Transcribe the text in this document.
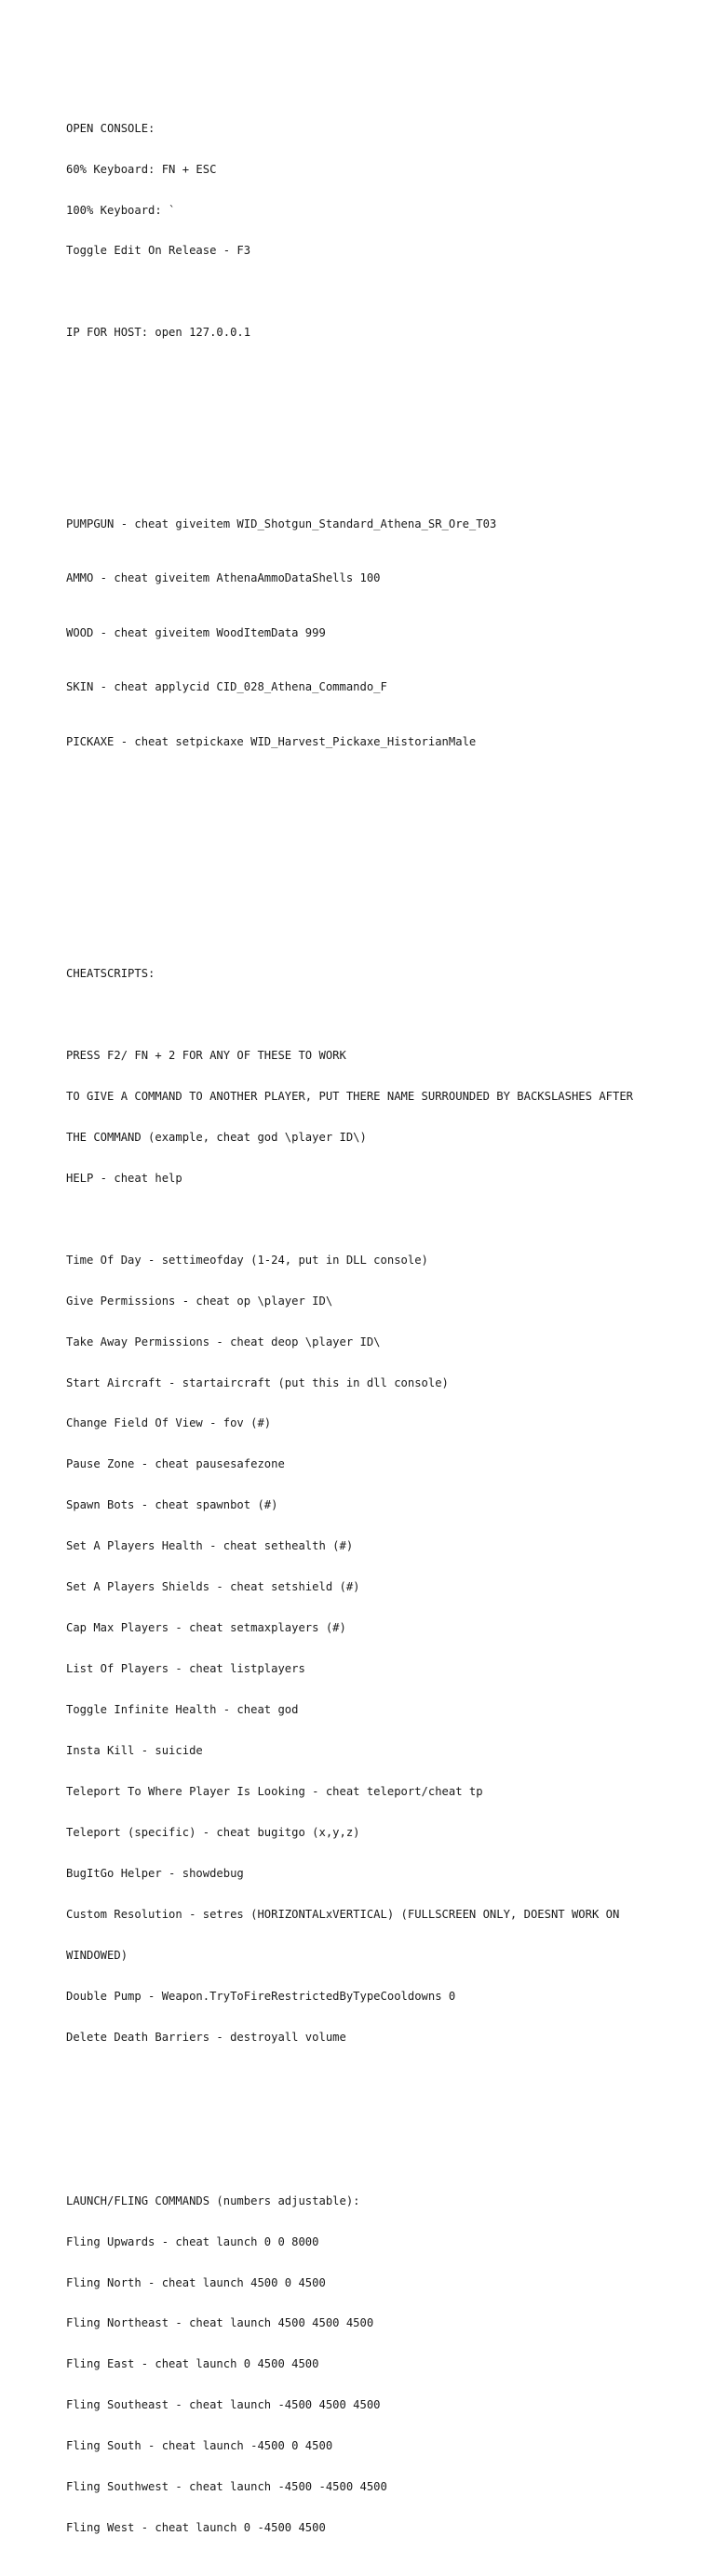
OPEN CONSOLE:

60% Keyboard: FN + ESC

100% Keyboard: `

Toggle Edit On Release - F3

IP FOR HOST: open 127.0.0.1

PUMPGUN - cheat giveitem WID_Shotgun_Standard_Athena_SR_Ore_T03

AMMO - cheat giveitem AthenaAmmoDataShells 100

WOOD - cheat giveitem WoodItemData 999

SKIN - cheat applycid CID_028_Athena_Commando_F

PICKAXE - cheat setpickaxe WID_Harvest_Pickaxe_HistorianMale

CHEATSCRIPTS:

PRESS F2/ FN + 2 FOR ANY OF THESE TO WORK

TO GIVE A COMMAND TO ANOTHER PLAYER, PUT THERE NAME SURROUNDED BY BACKSLASHES AFTER

THE COMMAND (example, cheat god \player ID\)

HELP - cheat help

Time Of Day - settimeofday (1-24, put in DLL console)

Give Permissions - cheat op \player ID\

Take Away Permissions - cheat deop \player ID\

Start Aircraft - startaircraft (put this in dll console)

Change Field Of View - fov (#)

Pause Zone - cheat pausesafezone

Spawn Bots - cheat spawnbot (#)

Set A Players Health - cheat sethealth (#)

Set A Players Shields - cheat setshield (#)

Cap Max Players - cheat setmaxplayers (#)

List Of Players - cheat listplayers

Toggle Infinite Health - cheat god

Insta Kill - suicide

Teleport To Where Player Is Looking - cheat teleport/cheat tp

Teleport (specific) - cheat bugitgo (x,y,z)

BugItGo Helper - showdebug

Custom Resolution - setres (HORIZONTALxVERTICAL) (FULLSCREEN ONLY, DOESNT WORK ON

WINDOWED)

Double Pump - Weapon.TryToFireRestrictedByTypeCooldowns 0

Delete Death Barriers - destroyall volume

LAUNCH/FLING COMMANDS (numbers adjustable):

Fling Upwards - cheat launch 0 0 8000

Fling North - cheat launch 4500 0 4500

Fling Northeast - cheat launch 4500 4500 4500

Fling East - cheat launch 0 4500 4500

Fling Southeast - cheat launch -4500 4500 4500

Fling South - cheat launch -4500 0 4500

Fling Southwest - cheat launch -4500 -4500 4500

Fling West - cheat launch 0 -4500 4500
